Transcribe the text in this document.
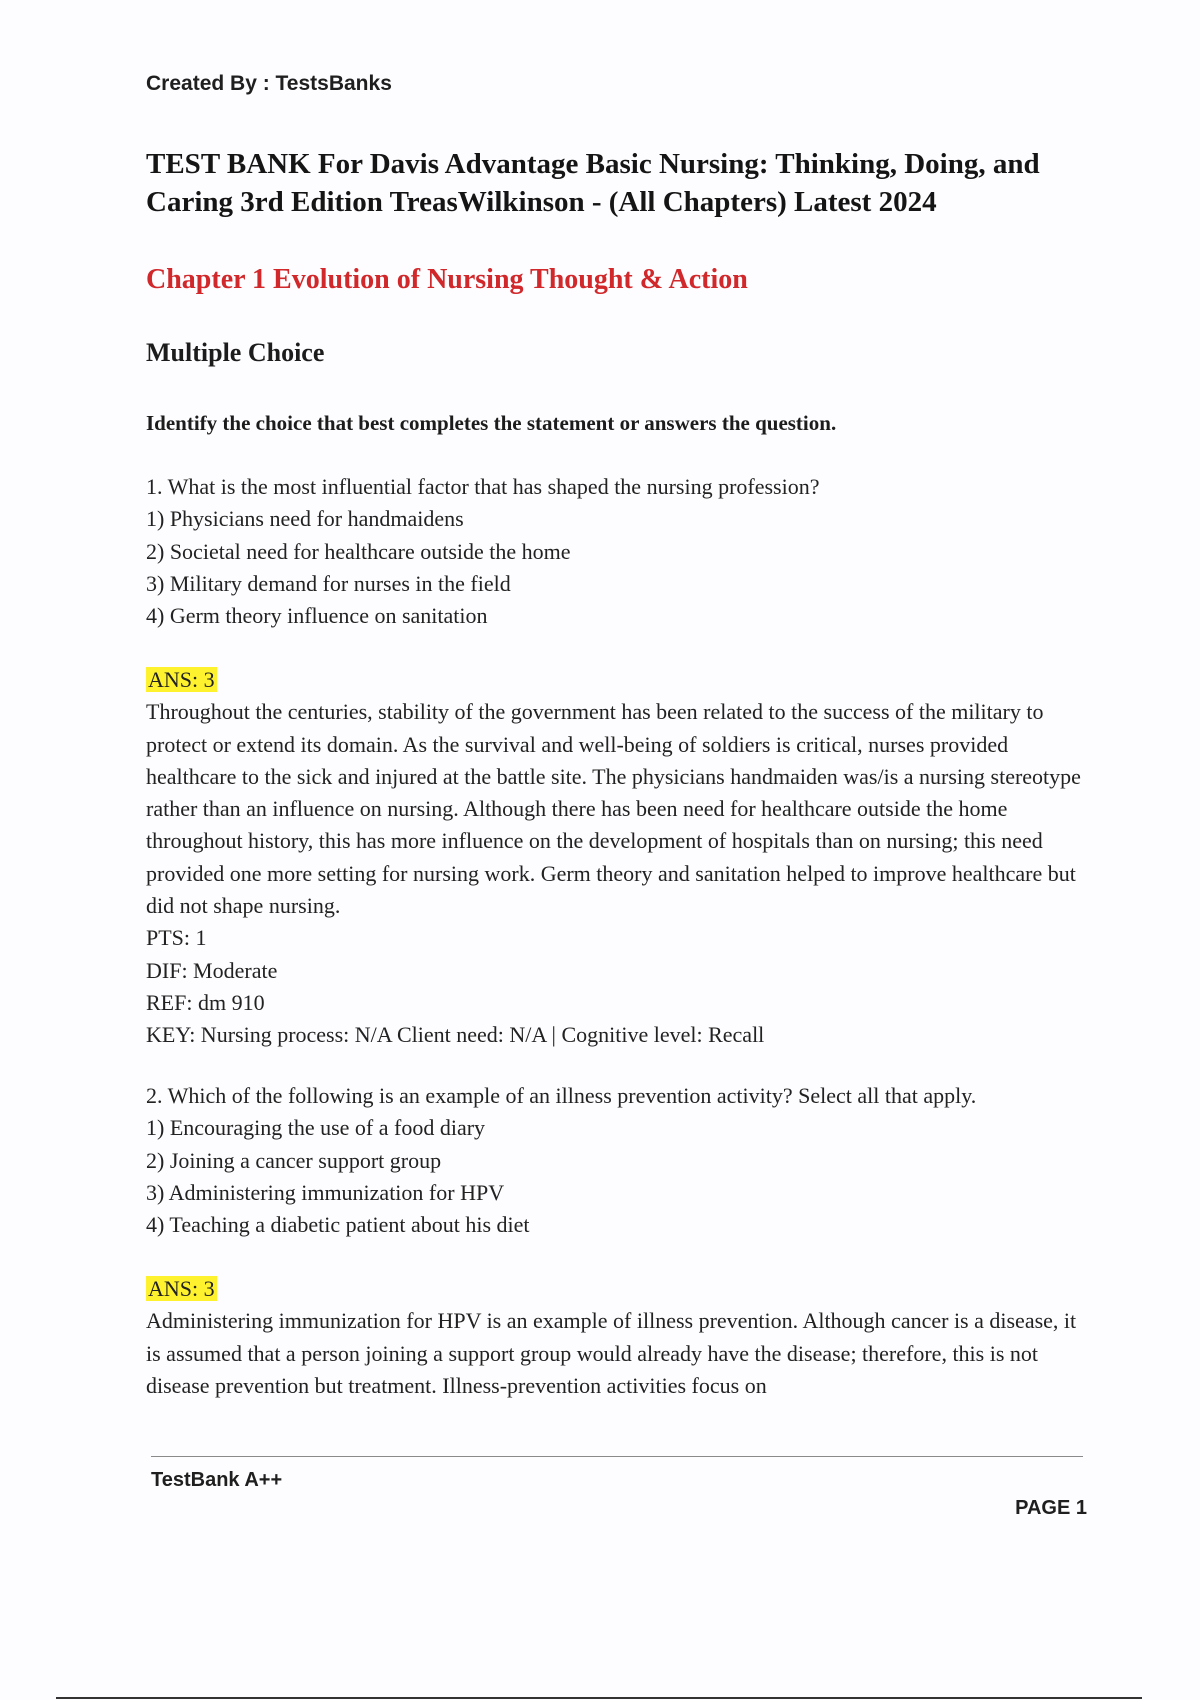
Created By : TestsBanks
TEST BANK For Davis Advantage Basic Nursing: Thinking, Doing, and Caring 3rd Edition TreasWilkinson - (All Chapters) Latest 2024
Chapter 1 Evolution of Nursing Thought & Action
Multiple Choice

Identify the choice that best completes the statement or answers the question.

1. What is the most influential factor that has shaped the nursing profession?

1) Physicians need for handmaidens

2) Societal need for healthcare outside the home

3) Military demand for nurses in the field

4) Germ theory influence on sanitation

ANS: 3

Throughout the centuries, stability of the government has been related to the success of the military to protect or extend its domain. As the survival and well-being of soldiers is critical, nurses provided healthcare to the sick and injured at the battle site. The physicians handmaiden was/is a nursing stereotype rather than an influence on nursing. Although there has been need for healthcare outside the home throughout history, this has more influence on the development of hospitals than on nursing; this need provided one more setting for nursing work. Germ theory and sanitation helped to improve healthcare but did not shape nursing.

PTS: 1

DIF: Moderate

REF: dm 910

KEY: Nursing process: N/A Client need: N/A | Cognitive level: Recall

2. Which of the following is an example of an illness prevention activity? Select all that apply.

1) Encouraging the use of a food diary

2) Joining a cancer support group

3) Administering immunization for HPV

4) Teaching a diabetic patient about his diet

ANS: 3

Administering immunization for HPV is an example of illness prevention. Although cancer is a disease, it is assumed that a person joining a support group would already have the disease; therefore, this is not disease prevention but treatment. Illness-prevention activities focus on

TestBank A++
PAGE 1
